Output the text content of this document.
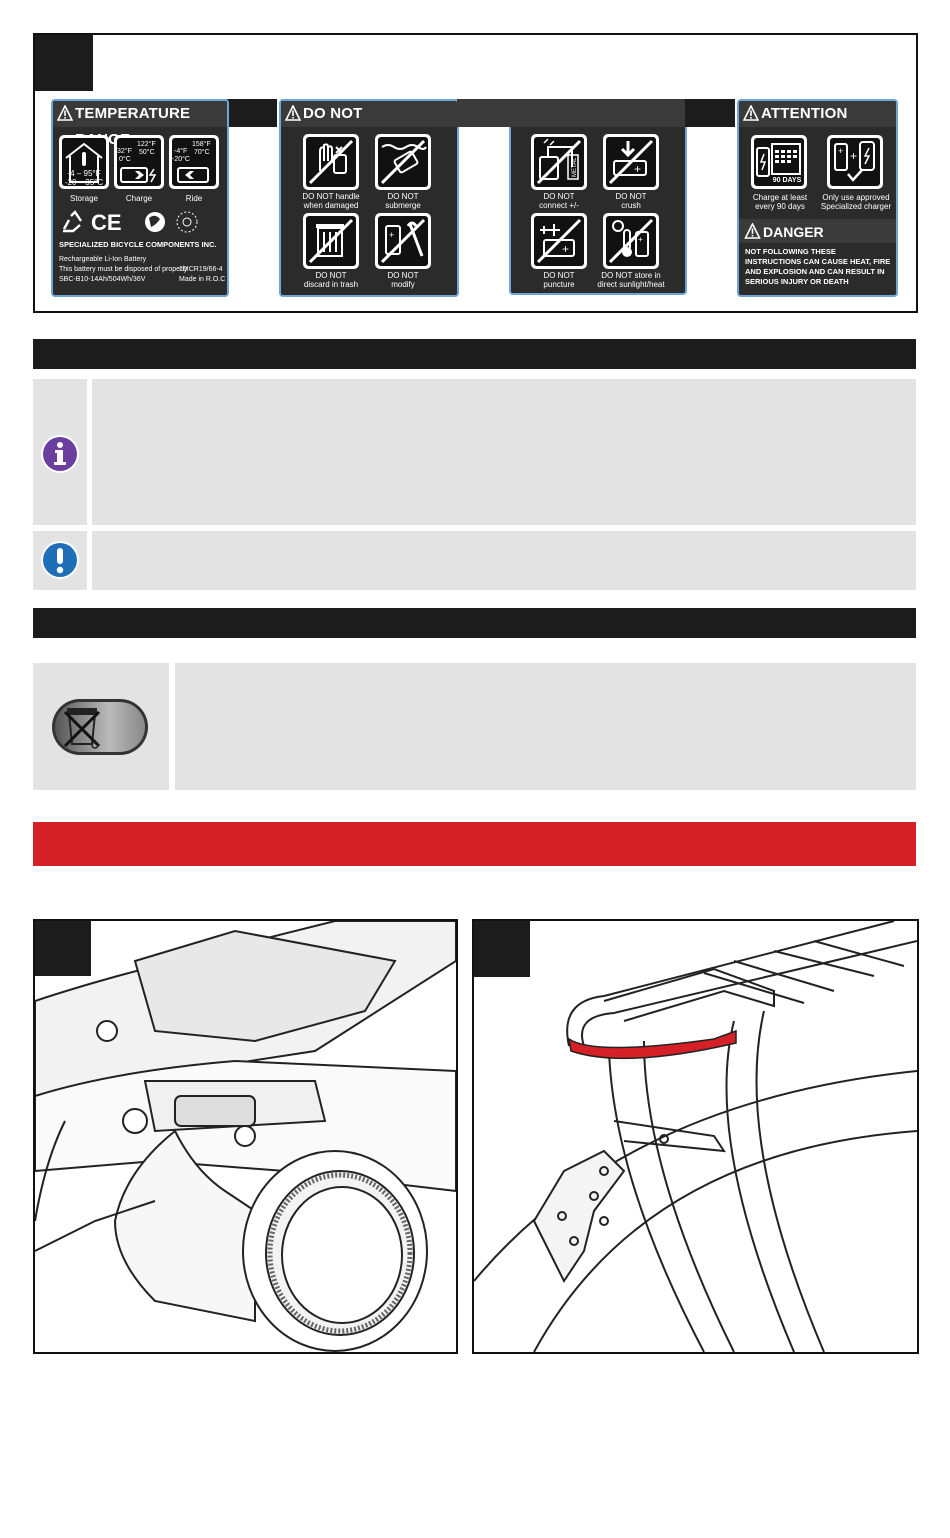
TEMPERATURE
-4 – 95°F
-20 – 35°C
Storage
122°F
50°C
32°F
0°C
Charge
158°F
70°C
-4°F
-20°C
Ride
CE
SPECIALIZED BICYCLE COMPONENTS INC.
Rechargeable Li-Ion Battery
This battery must be disposed of properly
SBC-B10-14Ah/504Wh/36V
10ICR19/66-4
Made in R.O.C
DO NOT	ATTENTION
90 DAYS
Charge at least
every 90 days
+ +
Only use approved
Specialized charger
DANGER
NOT FOLLOWING THESE INSTRUCTIONS CAN CAUSE HEAT, FIRE AND EXPLOSION AND CAN RESULT IN SERIOUS INJURY OR DEATH
DO NOT handle
when damaged
DO NOT
submerge
DO NOT
discard in trash
+
DO NOT
modify
METAL
DO NOT
connect +/-
+
DO NOT
crush
+
DO NOT
puncture
+
DO NOT store in
direct sunlight/heat
